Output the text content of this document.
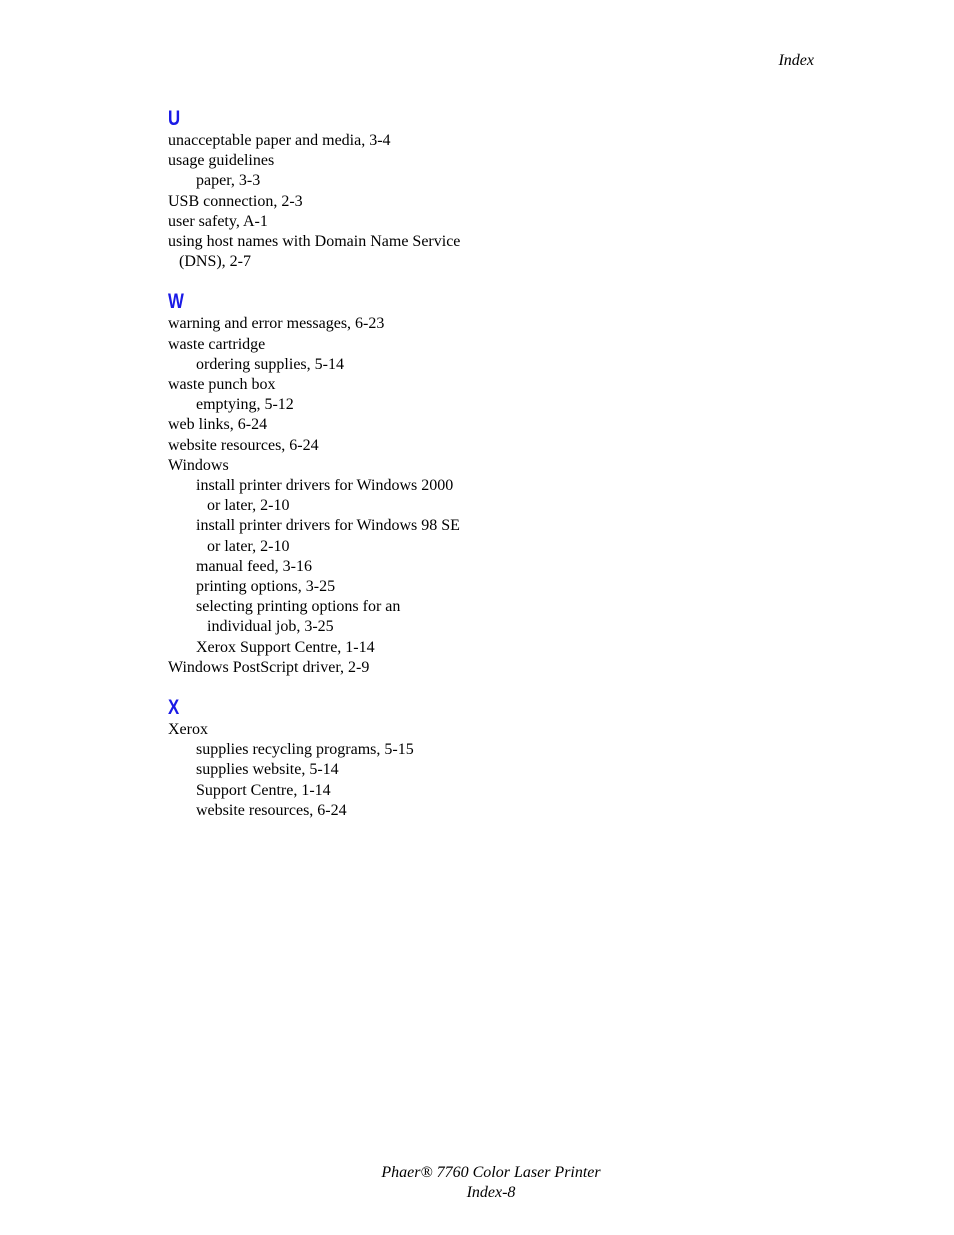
Index
U
unacceptable paper and media, 3-4
usage guidelines
paper, 3-3
USB connection, 2-3
user safety, A-1
using host names with Domain Name Service
(DNS), 2-7
W
warning and error messages, 6-23
waste cartridge
ordering supplies, 5-14
waste punch box
emptying, 5-12
web links, 6-24
website resources, 6-24
Windows
install printer drivers for Windows 2000
or later, 2-10
install printer drivers for Windows 98 SE
or later, 2-10
manual feed, 3-16
printing options, 3-25
selecting printing options for an
individual job, 3-25
Xerox Support Centre, 1-14
Windows PostScript driver, 2-9
X
Xerox
supplies recycling programs, 5-15
supplies website, 5-14
Support Centre, 1-14
website resources, 6-24
Phaer® 7760 Color Laser Printer
Index-8
